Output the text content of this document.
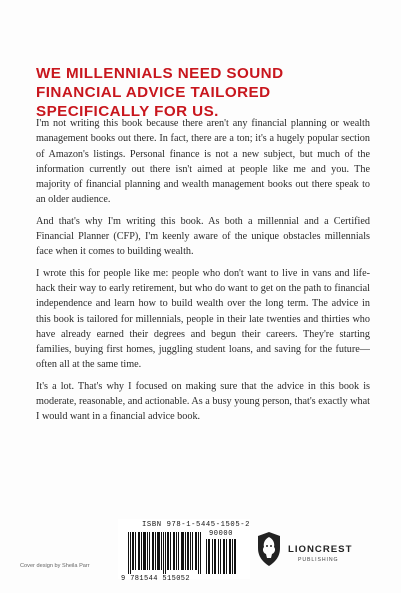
WE MILLENNIALS NEED SOUND FINANCIAL ADVICE TAILORED SPECIFICALLY FOR US.

I'm not writing this book because there aren't any financial planning or wealth management books out there. In fact, there are a ton; it's a hugely popular section of Amazon's listings. Personal finance is not a new subject, but much of the information currently out there isn't aimed at people like me and you. The majority of financial planning and wealth management books out there speak to an older audience.

And that's why I'm writing this book. As both a millennial and a Certified Financial Planner (CFP), I'm keenly aware of the unique obstacles millennials face when it comes to building wealth.

I wrote this for people like me: people who don't want to live in vans and life-hack their way to early retirement, but who do want to get on the path to financial independence and learn how to build wealth over the long term. The advice in this book is tailored for millennials, people in their late twenties and thirties who have already earned their degrees and begun their careers. They're starting families, buying first homes, juggling student loans, and saving for the future—often all at the same time.

It's a lot. That's why I focused on making sure that the advice in this book is moderate, reasonable, and actionable. As a busy young person, that's exactly what I would want in a financial advice book.

ISBN 978-1-5445-1505-2
90000
9 781544 515052
LIONCREST
PUBLISHING
Cover design by Sheila Parr
